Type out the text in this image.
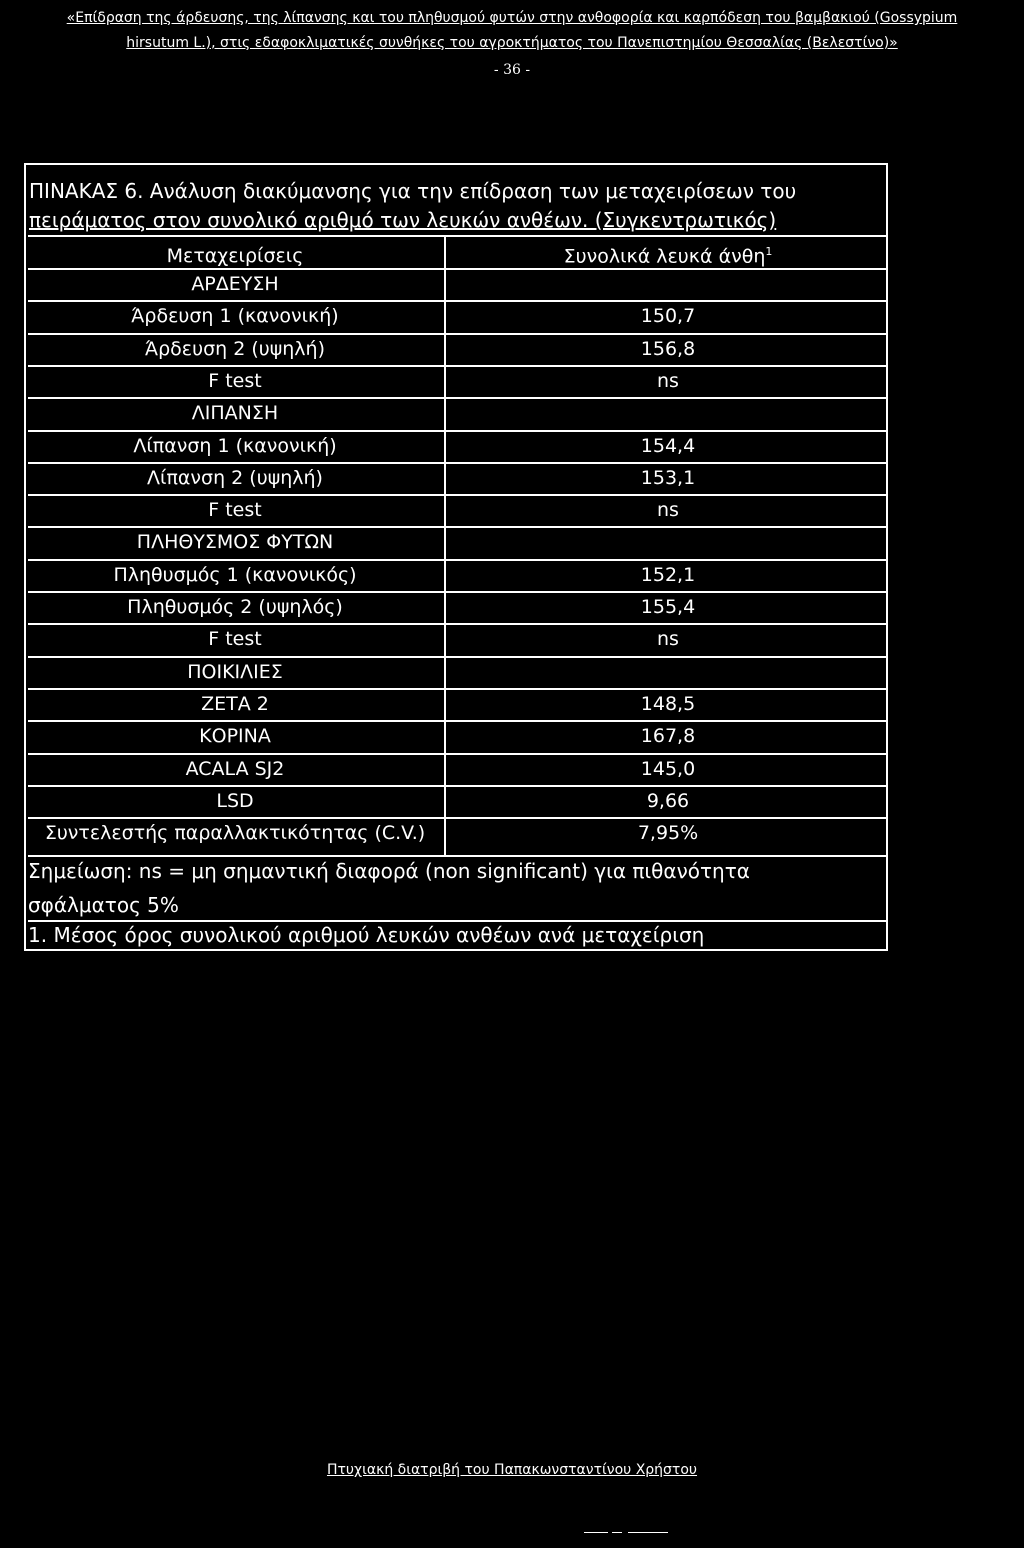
«Επίδραση της άρδευσης, της λίπανσης και του πληθυσμού φυτών στην ανθοφορία και καρπόδεση του βαμβακιού (Gossypium
hirsutum L.), στις εδαφοκλιματικές συνθήκες του αγροκτήματος του Πανεπιστημίου Θεσσαλίας (Βελεστίνο)»
- 36 -
ΠΙΝΑΚΑΣ 6. Ανάλυση διακύμανσης για την επίδραση των μεταχειρίσεων του
πειράματος στον συνολικό αριθμό των λευκών ανθέων. (Συγκεντρωτικός)
Μεταχειρίσεις	Συνολικά λευκά άνθη$^1$
ΑΡΔΕΥΣΗ
Άρδευση 1 (κανονική)	150,7
Άρδευση 2 (υψηλή)	156,8
F test	ns
ΛΙΠΑΝΣΗ
Λίπανση 1 (κανονική)	154,4
Λίπανση 2 (υψηλή)	153,1
F test	ns
ΠΛΗΘΥΣΜΟΣ ΦΥΤΩΝ
Πληθυσμός 1 (κανονικός)	152,1
Πληθυσμός 2 (υψηλός)	155,4
F test	ns
ΠΟΙΚΙΛΙΕΣ
ΖΕΤΑ 2	148,5
ΚΟΡΙΝΑ	167,8
ACALA SJ2	145,0
LSD	9,66
Συντελεστής παραλλακτικότητας (C.V.)	7,95%
Σημείωση: ns = μη σημαντική διαφορά (non significant) για πιθανότητα
σφάλματος 5%
1. Μέσος όρος συνολικού αριθμού λευκών ανθέων ανά μεταχείριση
Πτυχιακή διατριβή του Παπακωνσταντίνου Χρήστου
